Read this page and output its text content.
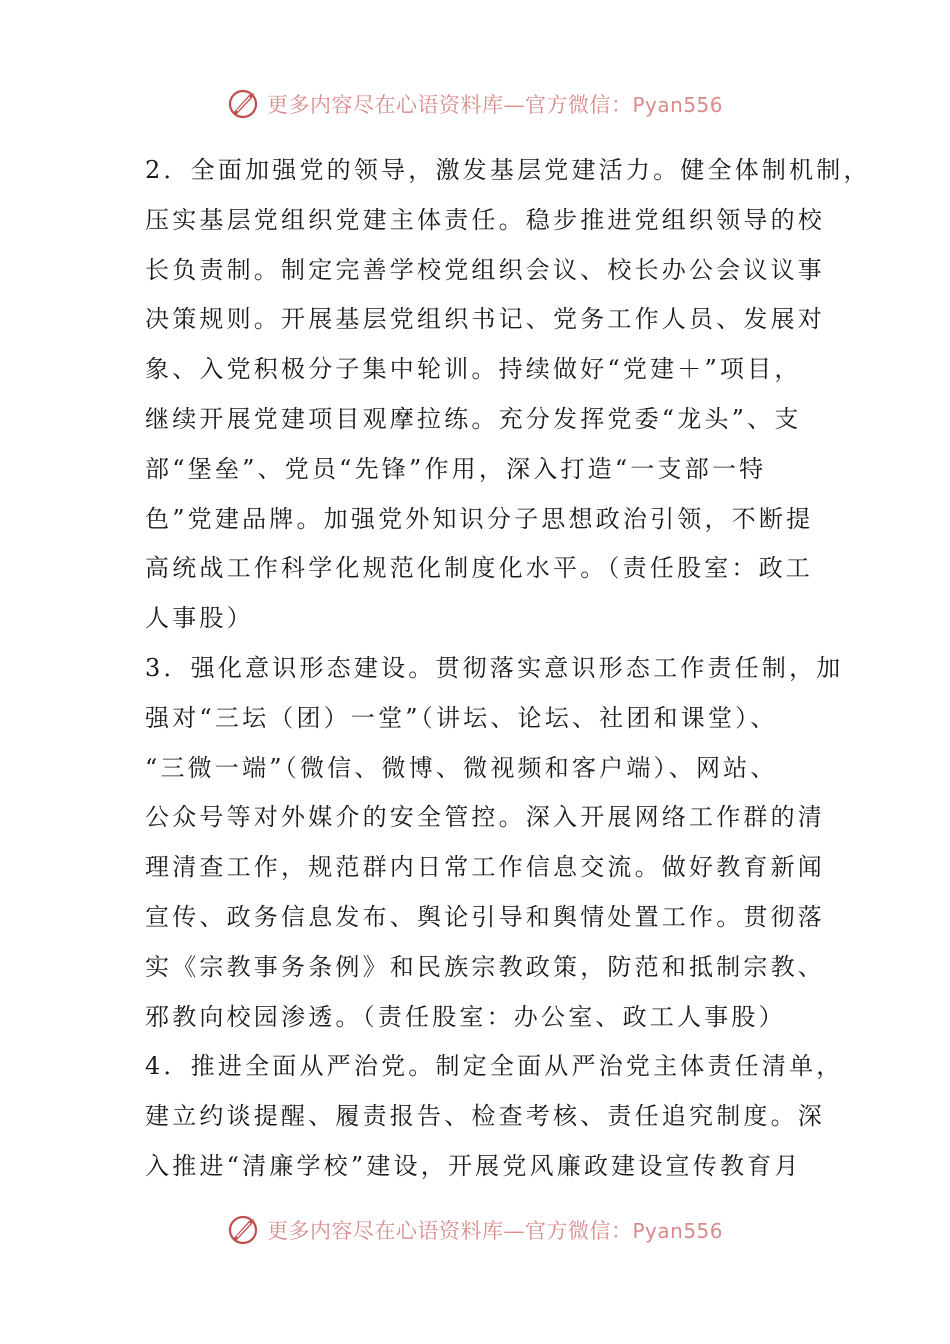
更多内容尽在心语资料库—官方微信：Pyan556
2．全面加强党的领导，激发基层党建活力。健全体制机制，
压实基层党组织党建主体责任。稳步推进党组织领导的校
长负责制。制定完善学校党组织会议、校长办公会议议事
决策规则。开展基层党组织书记、党务工作人员、发展对
象、入党积极分子集中轮训。持续做好“党建＋”项目，
继续开展党建项目观摩拉练。充分发挥党委“龙头”、支
部“堡垒”、党员“先锋”作用，深入打造“一支部一特
色”党建品牌。加强党外知识分子思想政治引领，不断提
高统战工作科学化规范化制度化水平。（责任股室：政工
人事股）
3．强化意识形态建设。贯彻落实意识形态工作责任制，加
强对“三坛（团）一堂”（讲坛、论坛、社团和课堂）、
“三微一端”（微信、微博、微视频和客户端）、网站、
公众号等对外媒介的安全管控。深入开展网络工作群的清
理清查工作，规范群内日常工作信息交流。做好教育新闻
宣传、政务信息发布、舆论引导和舆情处置工作。贯彻落
实《宗教事务条例》和民族宗教政策，防范和抵制宗教、
邪教向校园渗透。（责任股室：办公室、政工人事股）
4．推进全面从严治党。制定全面从严治党主体责任清单，
建立约谈提醒、履责报告、检查考核、责任追究制度。深
入推进“清廉学校”建设，开展党风廉政建设宣传教育月
更多内容尽在心语资料库—官方微信：Pyan556
